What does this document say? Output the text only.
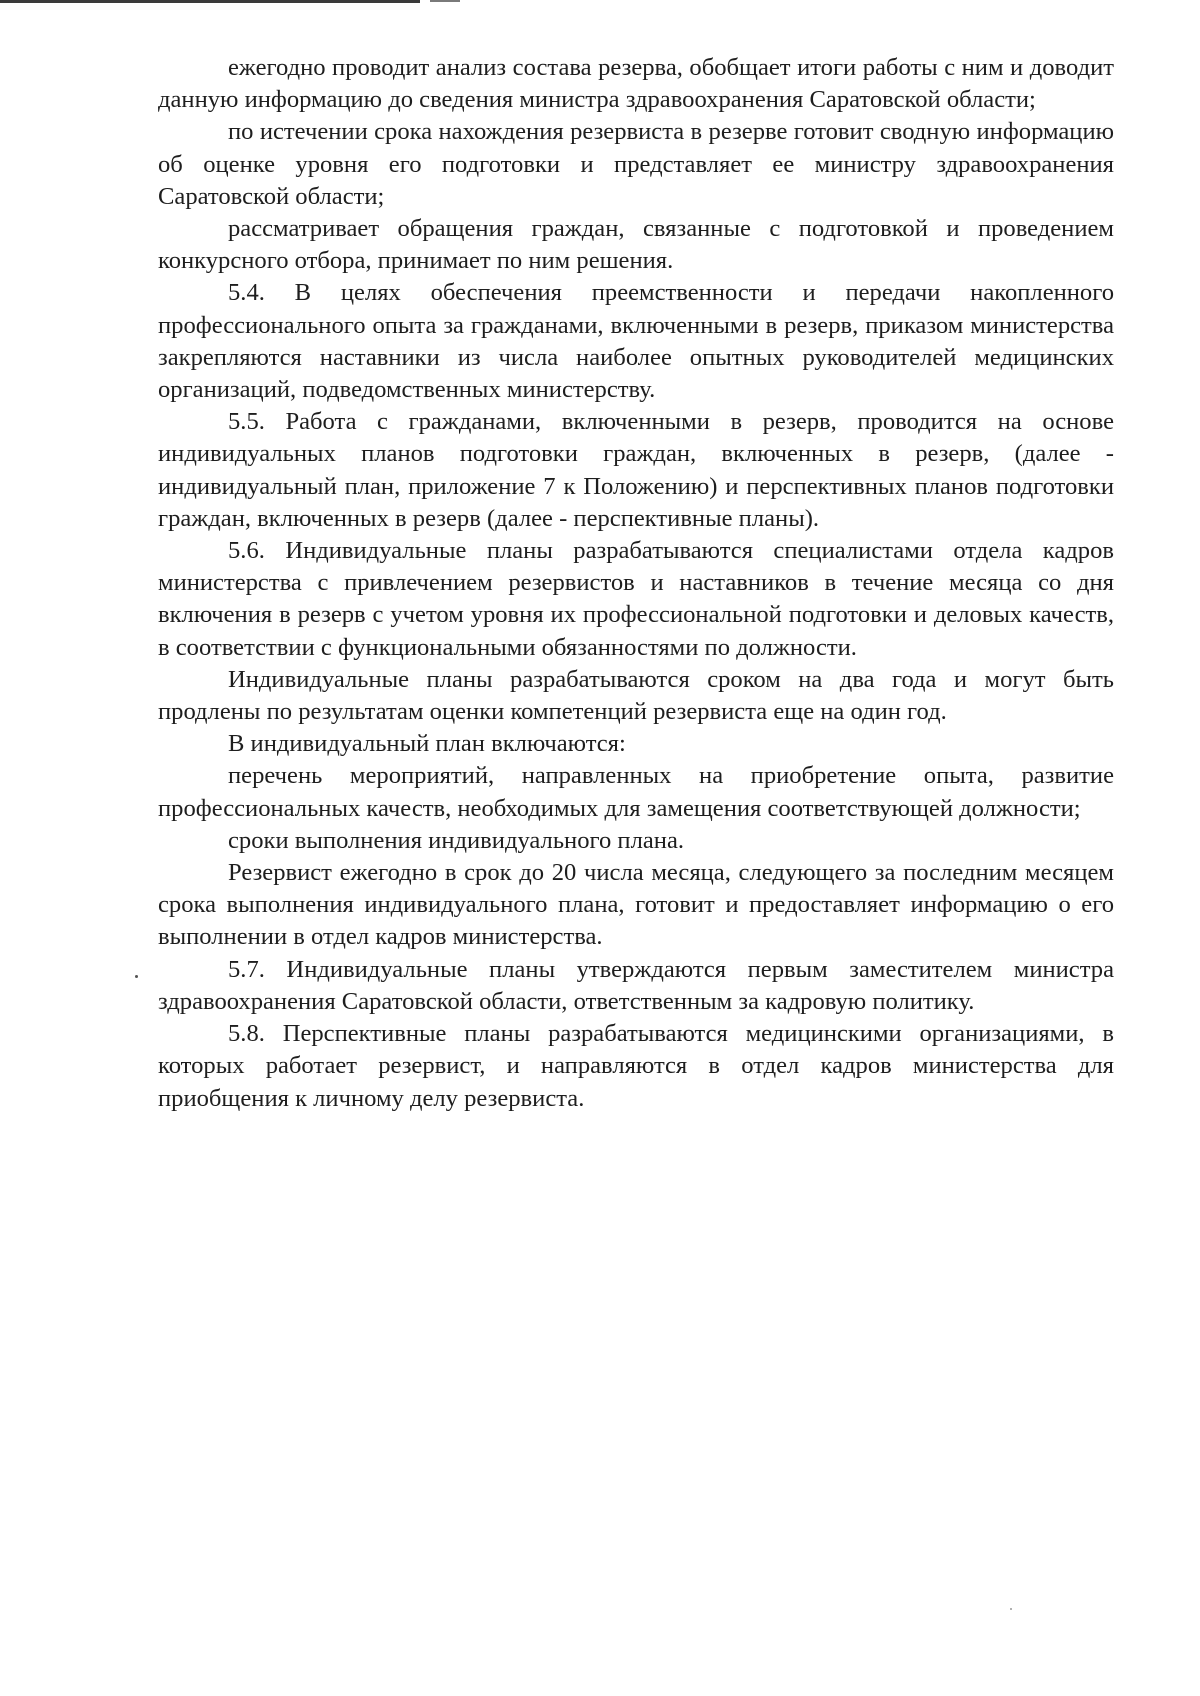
ежегодно проводит анализ состава резерва, обобщает итоги работы с ним и доводит данную информацию до сведения министра здравоохранения Саратовской области;

по истечении срока нахождения резервиста в резерве готовит сводную информацию об оценке уровня его подготовки и представляет ее министру здравоохранения Саратовской области;

рассматривает обращения граждан, связанные с подготовкой и проведением конкурсного отбора, принимает по ним решения.

5.4. В целях обеспечения преемственности и передачи накопленного профессионального опыта за гражданами, включенными в резерв, приказом министерства закрепляются наставники из числа наиболее опытных руководителей медицинских организаций, подведомственных министерству.

5.5. Работа с гражданами, включенными в резерв, проводится на основе индивидуальных планов подготовки граждан, включенных в резерв, (далее - индивидуальный план, приложение 7 к Положению) и перспективных планов подготовки граждан, включенных в резерв (далее - перспективные планы).

5.6. Индивидуальные планы разрабатываются специалистами отдела кадров министерства с привлечением резервистов и наставников в течение месяца со дня включения в резерв с учетом уровня их профессиональной подготовки и деловых качеств, в соответствии с функциональными обязанностями по должности.

Индивидуальные планы разрабатываются сроком на два года и могут быть продлены по результатам оценки компетенций резервиста еще на один год.

В индивидуальный план включаются:

перечень мероприятий, направленных на приобретение опыта, развитие профессиональных качеств, необходимых для замещения соответствующей должности;

сроки выполнения индивидуального плана.

Резервист ежегодно в срок до 20 числа месяца, следующего за последним месяцем срока выполнения индивидуального плана, готовит и предоставляет информацию о его выполнении в отдел кадров министерства.

5.7. Индивидуальные планы утверждаются первым заместителем министра здравоохранения Саратовской области, ответственным за кадровую политику.

5.8. Перспективные планы разрабатываются медицинскими организациями, в которых работает резервист, и направляются в отдел кадров министерства для приобщения к личному делу резервиста.
